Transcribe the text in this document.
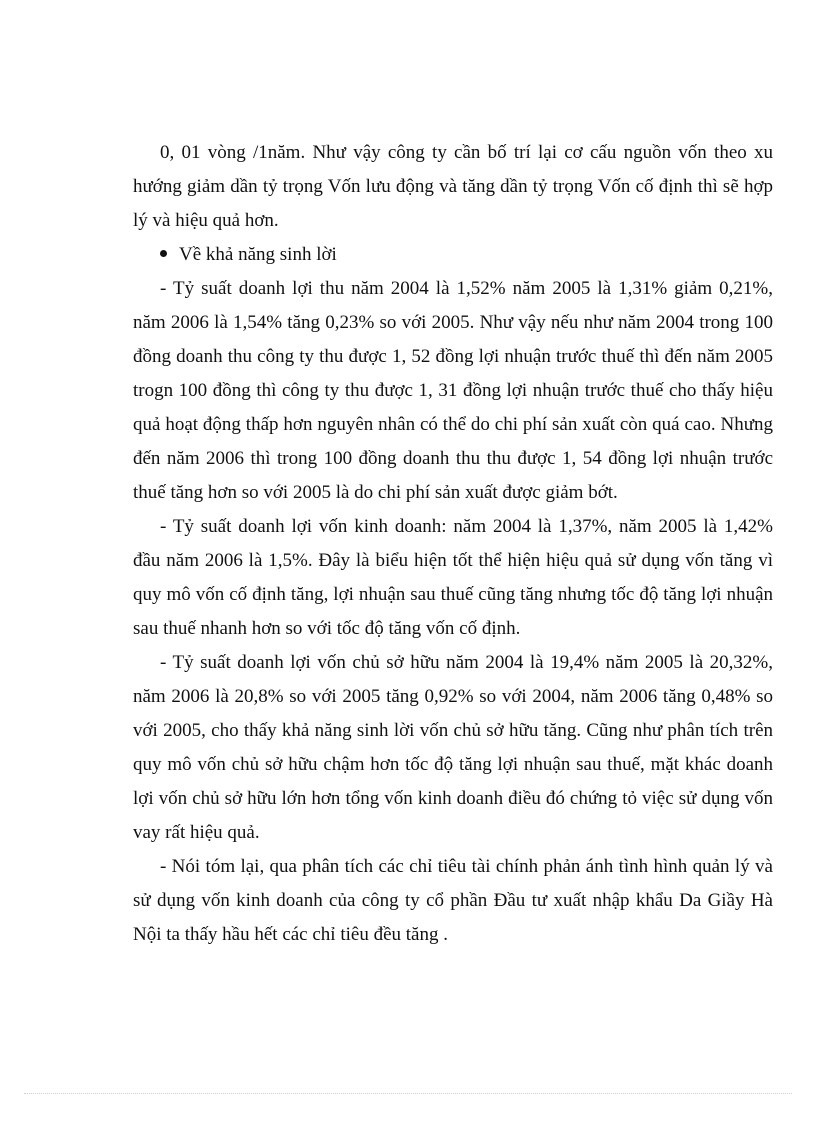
0, 01 vòng /1năm. Như vậy công ty cần bố trí lại cơ cấu nguồn vốn theo xu hướng giảm dần tỷ trọng Vốn lưu động và tăng dần tỷ trọng Vốn cố định thì sẽ hợp lý và hiệu quả hơn.

Về khả năng sinh lời

- Tỷ suất doanh lợi thu năm 2004 là 1,52% năm 2005 là 1,31% giảm 0,21%, năm 2006 là 1,54% tăng 0,23% so với 2005. Như vậy nếu như năm 2004 trong 100 đồng doanh thu công ty thu được 1, 52 đồng lợi nhuận trước thuế thì đến năm 2005 trogn 100 đồng thì công ty thu được 1, 31 đồng lợi nhuận trước thuế cho thấy hiệu quả hoạt động thấp hơn nguyên nhân có thể do chi phí sản xuất còn quá cao. Nhưng đến năm 2006 thì trong 100 đồng doanh thu thu được 1, 54 đồng lợi nhuận trước thuế tăng hơn so với 2005 là do chi phí sản xuất được giảm bớt.

- Tỷ suất doanh lợi vốn kinh doanh: năm 2004 là 1,37%, năm 2005 là 1,42% đầu năm 2006 là 1,5%. Đây là biểu hiện tốt thể hiện hiệu quả sử dụng vốn tăng vì quy mô vốn cố định tăng, lợi nhuận sau thuế cũng tăng nhưng tốc độ tăng lợi nhuận sau thuế nhanh hơn so với tốc độ tăng vốn cố định.

- Tỷ suất doanh lợi vốn chủ sở hữu năm 2004 là 19,4% năm 2005 là 20,32%, năm 2006 là 20,8% so với 2005 tăng 0,92% so với 2004, năm 2006 tăng 0,48% so với 2005, cho thấy khả năng sinh lời vốn chủ sở hữu tăng. Cũng như phân tích trên quy mô vốn chủ sở hữu chậm hơn tốc độ tăng lợi nhuận sau thuế, mặt khác doanh lợi vốn chủ sở hữu lớn hơn tổng vốn kinh doanh điều đó chứng tỏ việc sử dụng vốn vay rất hiệu quả.

- Nói tóm lại, qua phân tích các chỉ tiêu tài chính phản ánh tình hình quản lý và sử dụng vốn kinh doanh của công ty cổ phần Đầu tư xuất nhập khẩu Da Giầy Hà Nội ta thấy hầu hết các chỉ tiêu đều tăng .
